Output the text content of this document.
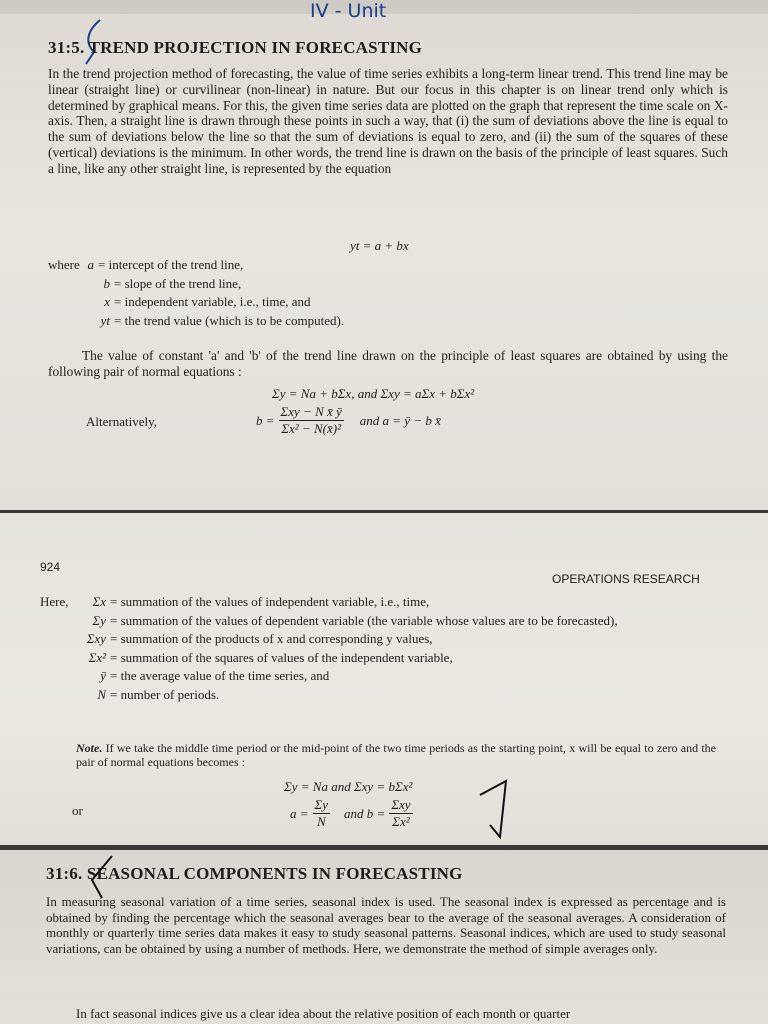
IV - Unit
31:5. TREND PROJECTION IN FORECASTING
In the trend projection method of forecasting, the value of time series exhibits a long-term linear trend. This trend line may be linear (straight line) or curvilinear (non-linear) in nature. But our focus in this chapter is on linear trend only which is determined by graphical means. For this, the given time series data are plotted on the graph that represent the time scale on X-axis. Then, a straight line is drawn through these points in such a way, that (i) the sum of deviations above the line is equal to the sum of deviations below the line so that the sum of deviations is equal to zero, and (ii) the sum of the squares of these (vertical) deviations is the minimum. In other words, the trend line is drawn on the basis of the principle of least squares. Such a line, like any other straight line, is represented by the equation
yt = a + bx
where a = intercept of the trend line,
b = slope of the trend line,
x = independent variable, i.e., time, and
yt = the trend value (which is to be computed).
The value of constant 'a' and 'b' of the trend line drawn on the principle of least squares are obtained by using the following pair of normal equations :
Σy = Na + bΣx, and Σxy = aΣx + bΣx²
Alternatively,	$b = \frac{\text{Σxy − N x̄ ȳ}}{\text{Σx² − N(x̄)²}}$ and a = ȳ − b x̄
924
OPERATIONS RESEARCH
Here,	Σx = summation of the values of independent variable, i.e., time,
Σy = summation of the values of dependent variable (the variable whose values are to be forecasted),
Σxy = summation of the products of x and corresponding y values,
Σx² = summation of the squares of values of the independent variable,
ȳ = the average value of the time series, and
N = number of periods.
Note. If we take the middle time period or the mid-point of the two time periods as the starting point, x will be equal to zero and the pair of normal equations becomes :
Σy = Na and Σxy = bΣx²
or	$a = \frac{\Sigma y}{N}$ and $b = \frac{\text{Σxy}}{\text{Σx²}}$
31:6. SEASONAL COMPONENTS IN FORECASTING
In measuring seasonal variation of a time series, seasonal index is used. The seasonal index is expressed as percentage and is obtained by finding the percentage which the seasonal averages bear to the average of the seasonal averages. A consideration of monthly or quarterly time series data makes it easy to study seasonal patterns. Seasonal indices, which are used to study seasonal variations, can be obtained by using a number of methods. Here, we demonstrate the method of simple averages only.
In fact seasonal indices give us a clear idea about the relative position of each month or quarter
